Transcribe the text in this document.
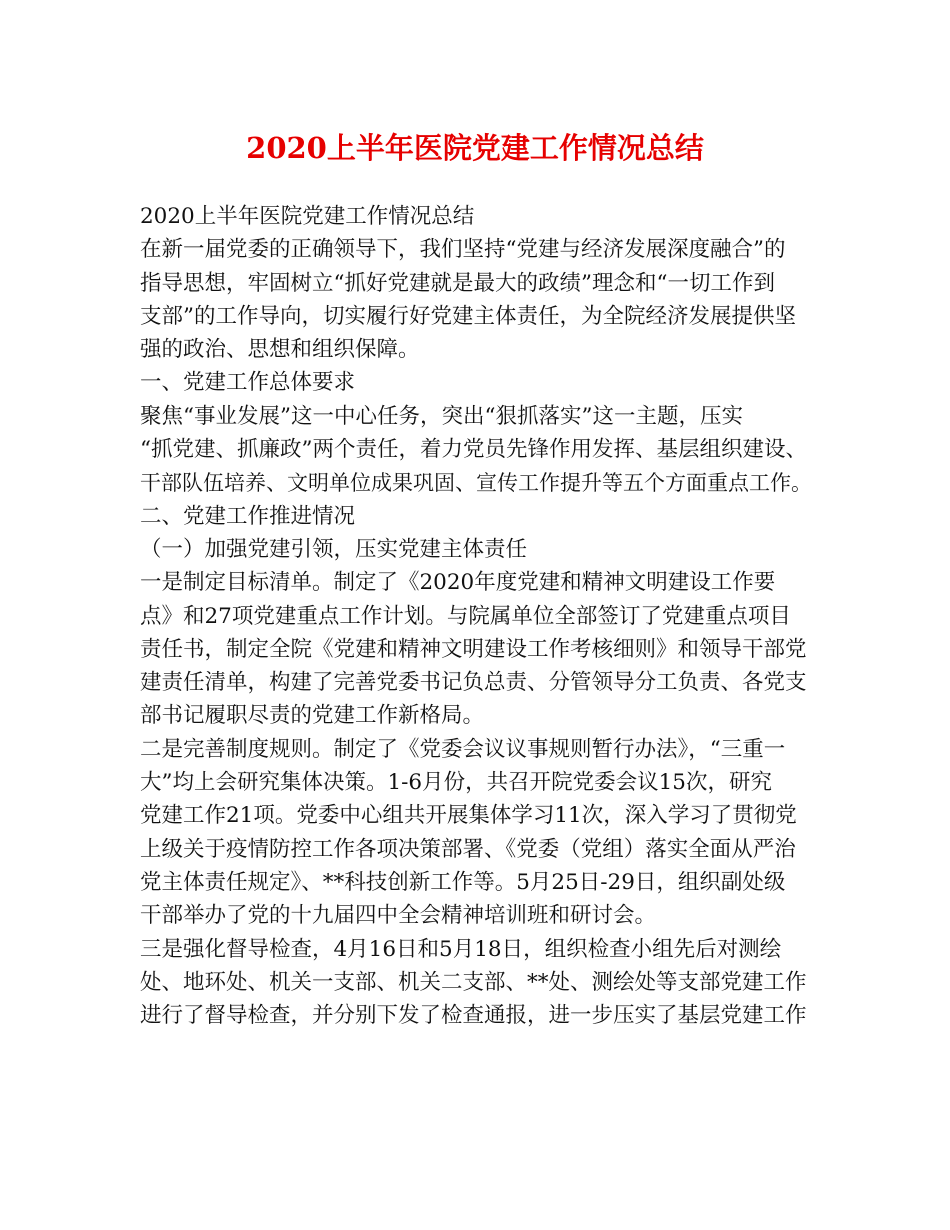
2020上半年医院党建工作情况总结

2020上半年医院党建工作情况总结

在新一届党委的正确领导下，我们坚持“党建与经济发展深度融合”的
指导思想，牢固树立“抓好党建就是最大的政绩”理念和“一切工作到
支部”的工作导向，切实履行好党建主体责任，为全院经济发展提供坚
强的政治、思想和组织保障。

一、党建工作总体要求

聚焦“事业发展”这一中心任务，突出“狠抓落实”这一主题，压实
“抓党建、抓廉政”两个责任，着力党员先锋作用发挥、基层组织建设、
干部队伍培养、文明单位成果巩固、宣传工作提升等五个方面重点工作。

二、党建工作推进情况

（一）加强党建引领，压实党建主体责任

一是制定目标清单。制定了《2020年度党建和精神文明建设工作要
点》和27项党建重点工作计划。与院属单位全部签订了党建重点项目
责任书，制定全院《党建和精神文明建设工作考核细则》和领导干部党
建责任清单，构建了完善党委书记负总责、分管领导分工负责、各党支
部书记履职尽责的党建工作新格局。

二是完善制度规则。制定了《党委会议议事规则暂行办法》，“三重一
大”均上会研究集体决策。1-6月份，共召开院党委会议15次，研究
党建工作21项。党委中心组共开展集体学习11次，深入学习了贯彻党
上级关于疫情防控工作各项决策部署、《党委（党组）落实全面从严治
党主体责任规定》、**科技创新工作等。5月25日-29日，组织副处级
干部举办了党的十九届四中全会精神培训班和研讨会。

三是强化督导检查，4月16日和5月18日，组织检查小组先后对测绘
处、地环处、机关一支部、机关二支部、**处、测绘处等支部党建工作
进行了督导检查，并分别下发了检查通报，进一步压实了基层党建工作
